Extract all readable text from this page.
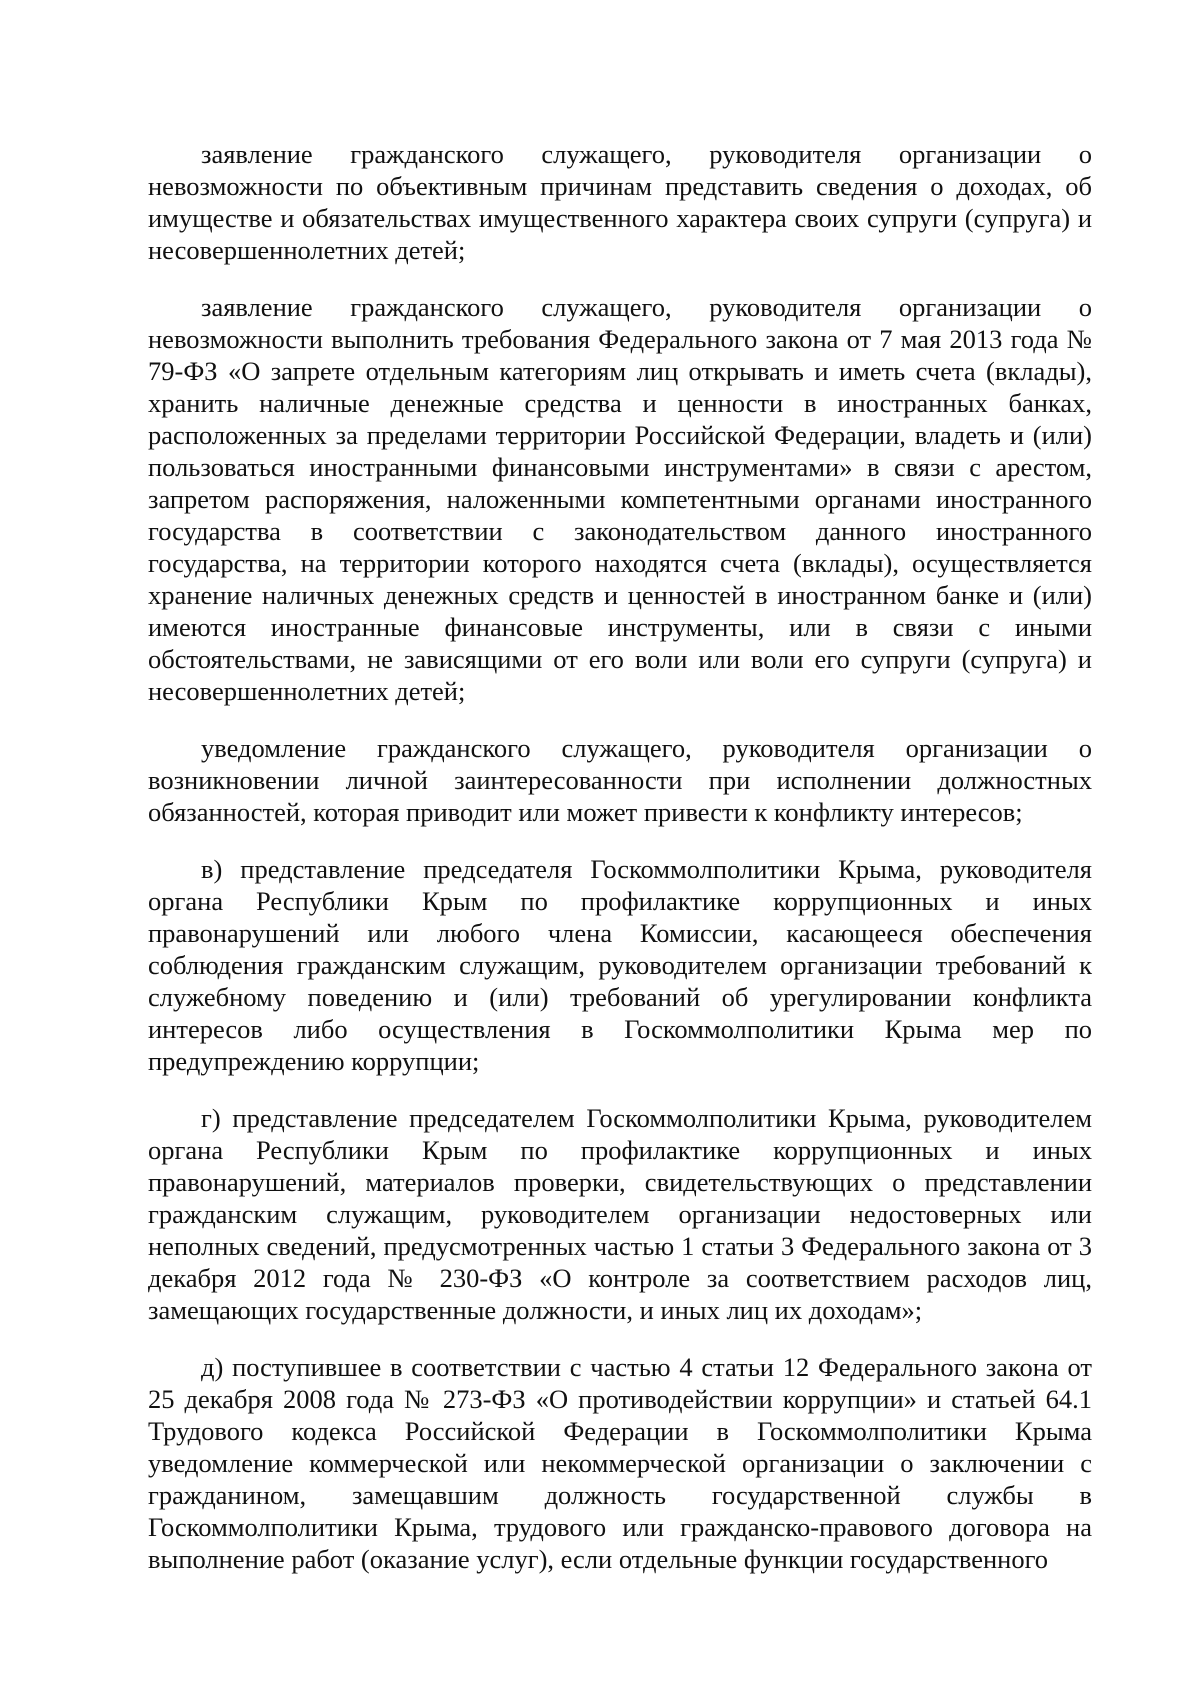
заявление гражданского служащего, руководителя организации о невозможности по объективным причинам представить сведения о доходах, об имуществе и обязательствах имущественного характера своих супруги (супруга) и несовершеннолетних детей;

заявление гражданского служащего, руководителя организации о невозможности выполнить требования Федерального закона от 7 мая 2013 года № 79-ФЗ «О запрете отдельным категориям лиц открывать и иметь счета (вклады), хранить наличные денежные средства и ценности в иностранных банках, расположенных за пределами территории Российской Федерации, владеть и (или) пользоваться иностранными финансовыми инструментами» в связи с арестом, запретом распоряжения, наложенными компетентными органами иностранного государства в соответствии с законодательством данного иностранного государства, на территории которого находятся счета (вклады), осуществляется хранение наличных денежных средств и ценностей в иностранном банке и (или) имеются иностранные финансовые инструменты, или в связи с иными обстоятельствами, не зависящими от его воли или воли его супруги (супруга) и несовершеннолетних детей;

уведомление гражданского служащего, руководителя организации о возникновении личной заинтересованности при исполнении должностных обязанностей, которая приводит или может привести к конфликту интересов;

в) представление председателя Госкоммолполитики Крыма, руководителя органа Республики Крым по профилактике коррупционных и иных правонарушений или любого члена Комиссии, касающееся обеспечения соблюдения гражданским служащим, руководителем организации требований к служебному поведению и (или) требований об урегулировании конфликта интересов либо осуществления в Госкоммолполитики Крыма мер по предупреждению коррупции;

г) представление председателем Госкоммолполитики Крыма, руководителем органа Республики Крым по профилактике коррупционных и иных правонарушений, материалов проверки, свидетельствующих о представлении гражданским служащим, руководителем организации недостоверных или неполных сведений, предусмотренных частью 1 статьи 3 Федерального закона от 3 декабря 2012 года № 230-ФЗ «О контроле за соответствием расходов лиц, замещающих государственные должности, и иных лиц их доходам»;

д) поступившее в соответствии с частью 4 статьи 12 Федерального закона от 25 декабря 2008 года № 273-ФЗ «О противодействии коррупции» и статьей 64.1 Трудового кодекса Российской Федерации в Госкоммолполитики Крыма уведомление коммерческой или некоммерческой организации о заключении с гражданином, замещавшим должность государственной службы в Госкоммолполитики Крыма, трудового или гражданско-правового договора на выполнение работ (оказание услуг), если отдельные функции государственного
